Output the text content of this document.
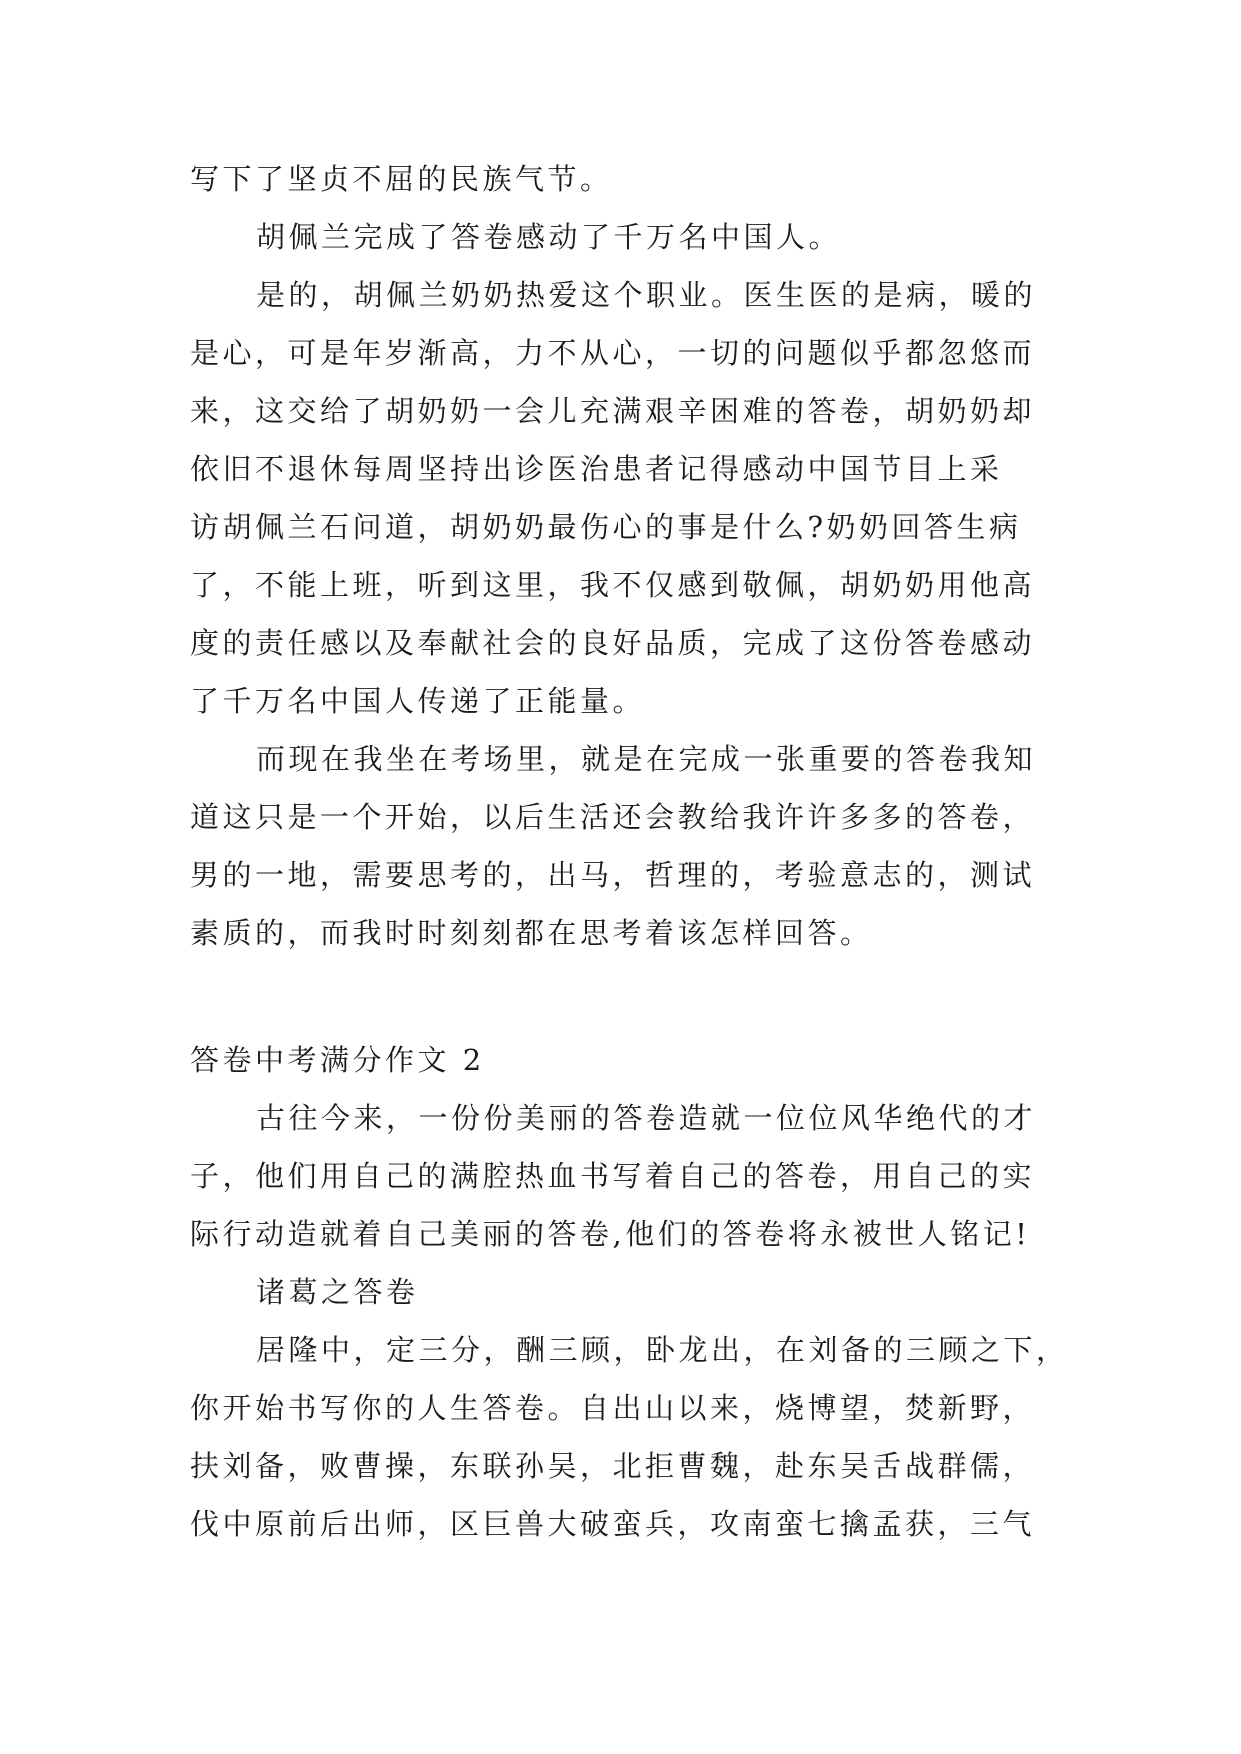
写下了坚贞不屈的民族气节。
胡佩兰完成了答卷感动了千万名中国人。
是的，胡佩兰奶奶热爱这个职业。医生医的是病，暖的
是心，可是年岁渐高，力不从心，一切的问题似乎都忽悠而
来，这交给了胡奶奶一会儿充满艰辛困难的答卷，胡奶奶却
依旧不退休每周坚持出诊医治患者记得感动中国节目上采
访胡佩兰石问道，胡奶奶最伤心的事是什么?奶奶回答生病
了，不能上班，听到这里，我不仅感到敬佩，胡奶奶用他高
度的责任感以及奉献社会的良好品质，完成了这份答卷感动
了千万名中国人传递了正能量。
而现在我坐在考场里，就是在完成一张重要的答卷我知
道这只是一个开始，以后生活还会教给我许许多多的答卷，
男的一地，需要思考的，出马，哲理的，考验意志的，测试
素质的，而我时时刻刻都在思考着该怎样回答。
答卷中考满分作文 2
古往今来，一份份美丽的答卷造就一位位风华绝代的才
子，他们用自己的满腔热血书写着自己的答卷，用自己的实
际行动造就着自己美丽的答卷,他们的答卷将永被世人铭记!
诸葛之答卷
居隆中，定三分，酬三顾，卧龙出，在刘备的三顾之下，
你开始书写你的人生答卷。自出山以来，烧博望，焚新野，
扶刘备，败曹操，东联孙吴，北拒曹魏，赴东吴舌战群儒，
伐中原前后出师，区巨兽大破蛮兵，攻南蛮七擒孟获，三气
